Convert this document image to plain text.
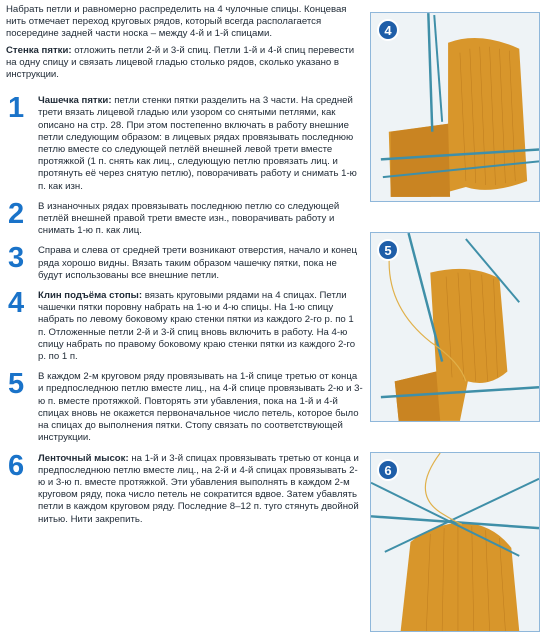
Набрать петли и равномерно распределить на 4 чулочные спицы. Концевая нить отмечает переход круговых рядов, который всегда располагается посередине задней части носка – между 4-й и 1-й спицами.

Стенка пятки: отложить петли 2-й и 3-й спиц. Петли 1-й и 4-й спиц перевести на одну спицу и связать лицевой гладью столько рядов, сколько указано в инструкции.

1 Чашечка пятки: петли стенки пятки разделить на 3 части. На средней трети вязать лицевой гладью или узором со снятыми петлями, как описано на стр. 28. При этом постепенно включать в работу внешние петли следующим образом: в лицевых рядах провязывать последнюю петлю вместе со следующей петлёй внешней левой трети вместе протяжкой (1 п. снять как лиц., следующую петлю провязать лиц. и протянуть её через снятую петлю), поворачивать работу и снимать 1-ю п. как изн.

2 В изнаночных рядах провязывать последнюю петлю со следующей петлёй внешней правой трети вместе изн., поворачивать работу и снимать 1-ю п. как лиц.

3 Справа и слева от средней трети возникают отверстия, начало и конец ряда хорошо видны. Вязать таким образом чашечку пятки, пока не будут использованы все внешние петли.

4 Клин подъёма стопы: вязать круговыми рядами на 4 спицах. Петли чашечки пятки поровну набрать на 1-ю и 4-ю спицы. На 1-ю спицу набрать по левому боковому краю стенки пятки из каждого 2-го р. по 1 п. Отложенные петли 2-й и 3-й спиц вновь включить в работу. На 4-ю спицу набрать по правому боковому краю стенки пятки из каждого 2-го р. по 1 п.

5 В каждом 2-м круговом ряду провязывать на 1-й спице третью от конца и предпоследнюю петлю вместе лиц., на 4-й спице провязывать 2-ю и 3-ю п. вместе протяжкой. Повторять эти убавления, пока на 1-й и 4-й спицах вновь не окажется первоначальное число петель, которое было на спицах до выполнения пятки. Стопу связать по соответствующей инструкции.

6 Ленточный мысок: на 1-й и 3-й спицах провязывать третью от конца и предпоследнюю петлю вместе лиц., на 2-й и 4-й спицах провязывать 2-ю и 3-ю п. вместе протяжкой. Эти убавления выполнять в каждом 2-м круговом ряду, пока число петель не сократится вдвое. Затем убавлять петли в каждом круговом ряду. Последние 8–12 п. туго стянуть двойной нитью. Нити закрепить.

4
5
6
